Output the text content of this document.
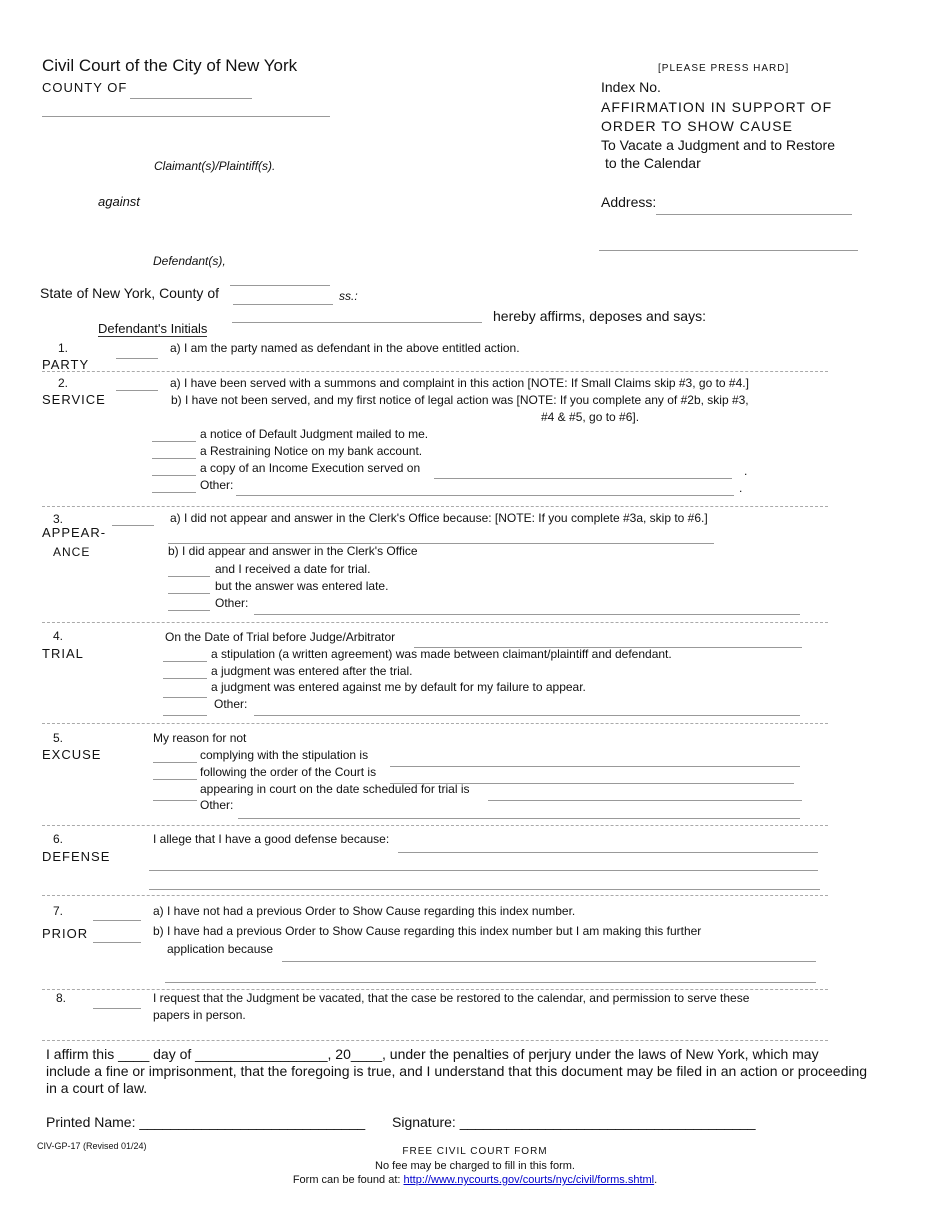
Civil Court of the City of New York
COUNTY OF
[PLEASE PRESS HARD]
Index No.
AFFIRMATION IN SUPPORT OF
ORDER TO SHOW CAUSE
To Vacate a Judgment and to Restore
to the Calendar
Address:
Claimant(s)/Plaintiff(s).
against
Defendant(s),
State of New York, County of	ss.:
hereby affirms, deposes and says:
Defendant's Initials
1.
PARTY
a) I am the party named as defendant in the above entitled action.
2.
SERVICE
a) I have been served with a summons and complaint in this action [NOTE: If Small Claims skip #3, go to #4.]
b) I have not been served, and my first notice of legal action was [NOTE: If you complete any of #2b, skip #3,
#4 & #5, go to #6].
a notice of Default Judgment mailed to me.
a Restraining Notice on my bank account.
a copy of an Income Execution served on	.
Other:	.
3.
APPEAR-
ANCE
a) I did not appear and answer in the Clerk's Office because: [NOTE: If you complete #3a, skip to #6.]
b) I did appear and answer in the Clerk's Office
and I received a date for trial.
but the answer was entered late.
Other:
4.
TRIAL
On the Date of Trial before Judge/Arbitrator
a stipulation (a written agreement) was made between claimant/plaintiff and defendant.
a judgment was entered after the trial.
a judgment was entered against me by default for my failure to appear.
Other:
5.
EXCUSE
My reason for not
complying with the stipulation is
following the order of the Court is
appearing in court on the date scheduled for trial is
Other:
6.
DEFENSE
I allege that I have a good defense because:
7.
PRIOR
a) I have not had a previous Order to Show Cause regarding this index number.
b) I have had a previous Order to Show Cause regarding this index number but I am making this further
application because
8.	I request that the Judgment be vacated, that the case be restored to the calendar, and permission to serve these
papers in person.
I affirm this ____ day of _________________, 20____, under the penalties of perjury under the laws of New York, which may
include a fine or imprisonment, that the foregoing is true, and I understand that this document may be filed in an action or proceeding
in a court of law.
Printed Name: _____________________________ Signature: ______________________________________
CIV-GP-17 (Revised 01/24)	FREE CIVIL COURT FORM
No fee may be charged to fill in this form.
Form can be found at: http://www.nycourts.gov/courts/nyc/civil/forms.shtml.
